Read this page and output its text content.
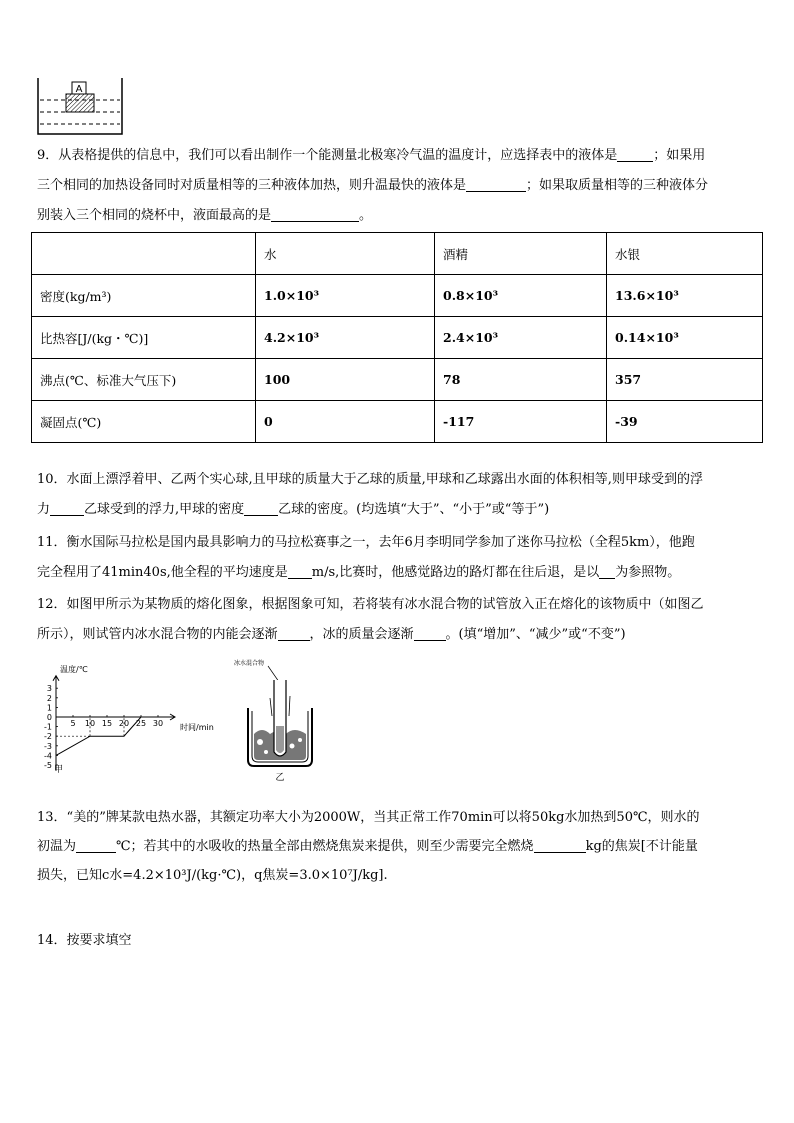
A

9．从表格提供的信息中，我们可以看出制作一个能测量北极寒冷气温的温度计，应选择表中的液体是	；如果用

三个相同的加热设备同时对质量相等的三种液体加热，则升温最快的液体是	；如果取质量相等的三种液体分

别装入三个相同的烧杯中，液面最高的是	。

	水	酒精	水银
密度(kg/m³)	1.0×10³	0.8×10³	13.6×10³
比热容[J/(kg・℃)]	4.2×10³	2.4×10³	0.14×10³
沸点(℃、标准大气压下)	100	78	357
凝固点(℃)	0	-117	-39

10．水面上漂浮着甲、乙两个实心球,且甲球的质量大于乙球的质量,甲球和乙球露出水面的体积相等,则甲球受到的浮

力	乙球受到的浮力,甲球的密度	乙球的密度。(均选填“大于”、“小于”或“等于”)

11．衡水国际马拉松是国内最具影响力的马拉松赛事之一，去年6月李明同学参加了迷你马拉松（全程5km），他跑

完全程用了41min40s,他全程的平均速度是 m/s,比赛时，他感觉路边的路灯都在往后退，是以 为参照物。

12．如图甲所示为某物质的熔化图象，根据图象可知，若将装有冰水混合物的试管放入正在熔化的该物质中（如图乙

所示），则试管内冰水混合物的内能会逐渐 ，冰的质量会逐渐 。(填“增加”、“减少”或“不变”)

5 10 15 20 25 30
3
2
1
0
-1
-2
-3
-4
-5
温度/℃
时间/min
甲
冰水混合物
乙

13．“美的”牌某款电热水器，其额定功率大小为2000W，当其正常工作70min可以将50kg水加热到50℃，则水的

初温为	℃；若其中的水吸收的热量全部由燃烧焦炭来提供，则至少需要完全燃烧	kg的焦炭[不计能量

损失，已知c水=4.2×10³J/(kg·℃)，q焦炭=3.0×10⁷J/kg].

14．按要求填空
